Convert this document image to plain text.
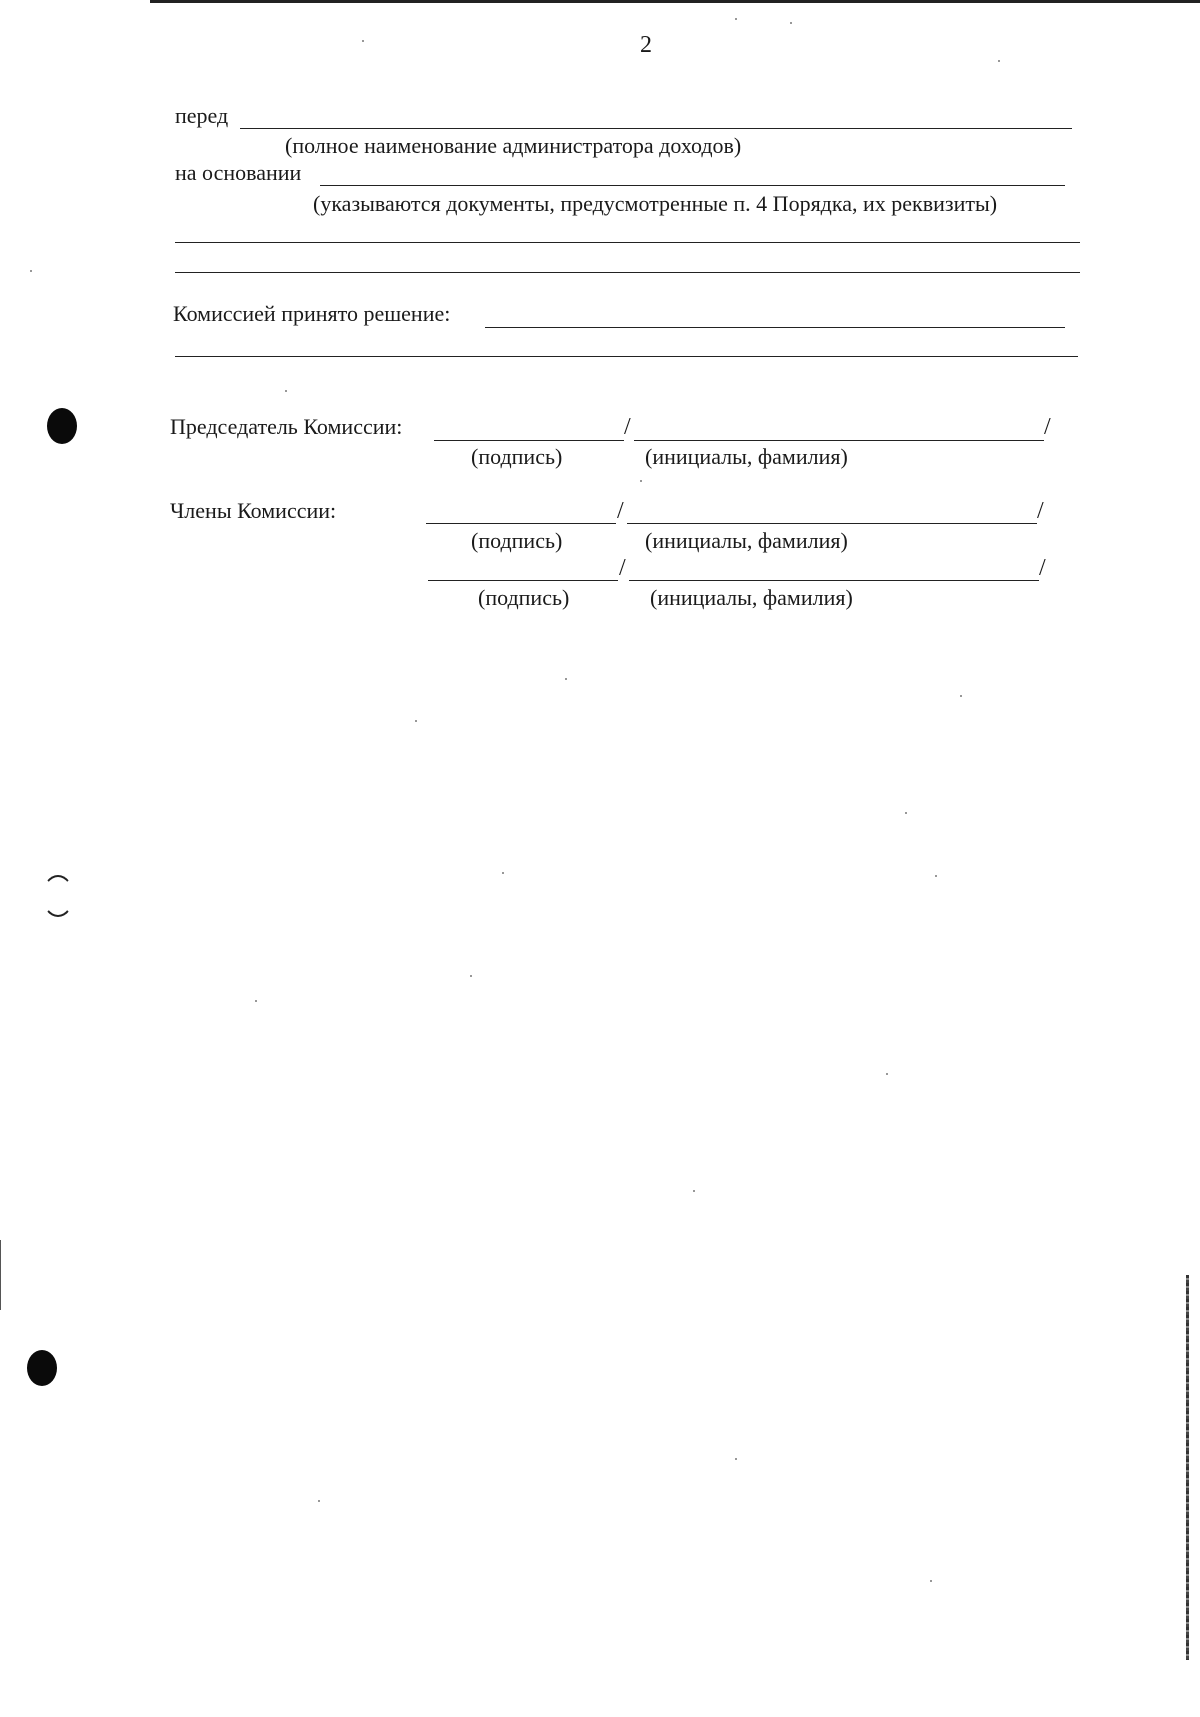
2
перед
(полное наименование администратора доходов)
на основании
(указываются документы, предусмотренные п. 4 Порядка, их реквизиты)
Комиссией принято решение:
Председатель Комиссии:	/	/
(подпись)	(инициалы, фамилия)
Члены Комиссии:	/	/
(подпись)	(инициалы, фамилия)
/	/
(подпись)	(инициалы, фамилия)
